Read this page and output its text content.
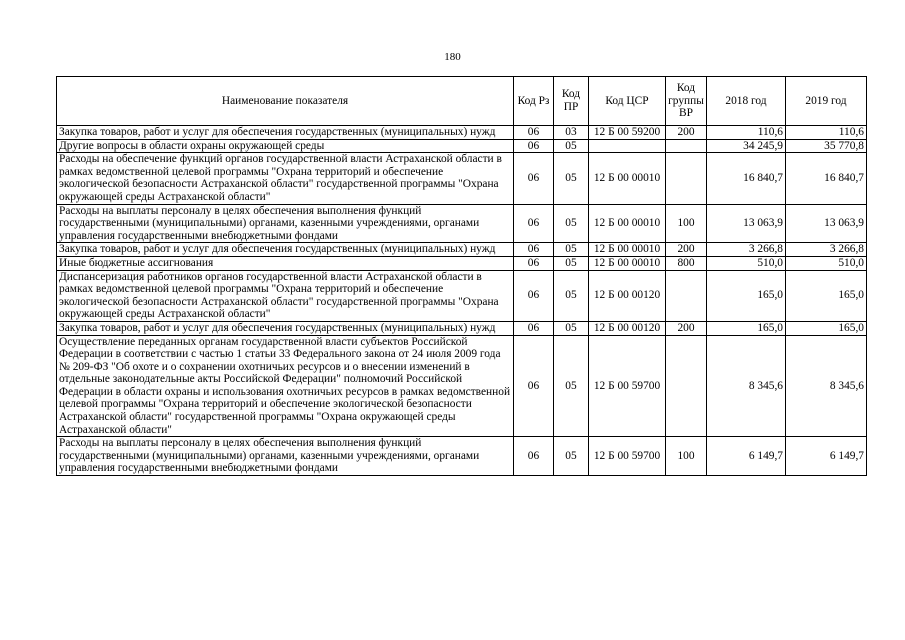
180
Наименование показателя	Код Рз	Код ПР	Код ЦСР	Код группы ВР	2018 год	2019 год
Закупка товаров, работ и услуг для обеспечения государственных (муниципальных) нужд	06	03	12 Б 00 59200	200	110,6	110,6
Другие вопросы в области охраны окружающей среды	06	05			34 245,9	35 770,8
Расходы на обеспечение функций органов государственной власти Астраханской области в рамках ведомственной целевой программы "Охрана территорий и обеспечение экологической безопасности Астраханской области" государственной программы "Охрана окружающей среды Астраханской области"	06	05	12 Б 00 00010		16 840,7	16 840,7
Расходы на выплаты персоналу в целях обеспечения выполнения функций государственными (муниципальными) органами, казенными учреждениями, органами управления государственными внебюджетными фондами	06	05	12 Б 00 00010	100	13 063,9	13 063,9
Закупка товаров, работ и услуг для обеспечения государственных (муниципальных) нужд	06	05	12 Б 00 00010	200	3 266,8	3 266,8
Иные бюджетные ассигнования	06	05	12 Б 00 00010	800	510,0	510,0
Диспансеризация работников органов государственной власти Астраханской области в рамках ведомственной целевой программы "Охрана территорий и обеспечение экологической безопасности Астраханской области" государственной программы "Охрана окружающей среды Астраханской области"	06	05	12 Б 00 00120		165,0	165,0
Закупка товаров, работ и услуг для обеспечения государственных (муниципальных) нужд	06	05	12 Б 00 00120	200	165,0	165,0
Осуществление переданных органам государственной власти субъектов Российской Федерации в соответствии с частью 1 статьи 33 Федерального закона от 24 июля 2009 года № 209-ФЗ "Об охоте и о сохранении охотничьих ресурсов и о внесении изменений в отдельные законодательные акты Российской Федерации" полномочий Российской Федерации в области охраны и использования охотничьих ресурсов в рамках ведомственной целевой программы "Охрана территорий и обеспечение экологической безопасности Астраханской области" государственной программы "Охрана окружающей среды Астраханской области"	06	05	12 Б 00 59700		8 345,6	8 345,6
Расходы на выплаты персоналу в целях обеспечения выполнения функций государственными (муниципальными) органами, казенными учреждениями, органами управления государственными внебюджетными фондами	06	05	12 Б 00 59700	100	6 149,7	6 149,7
